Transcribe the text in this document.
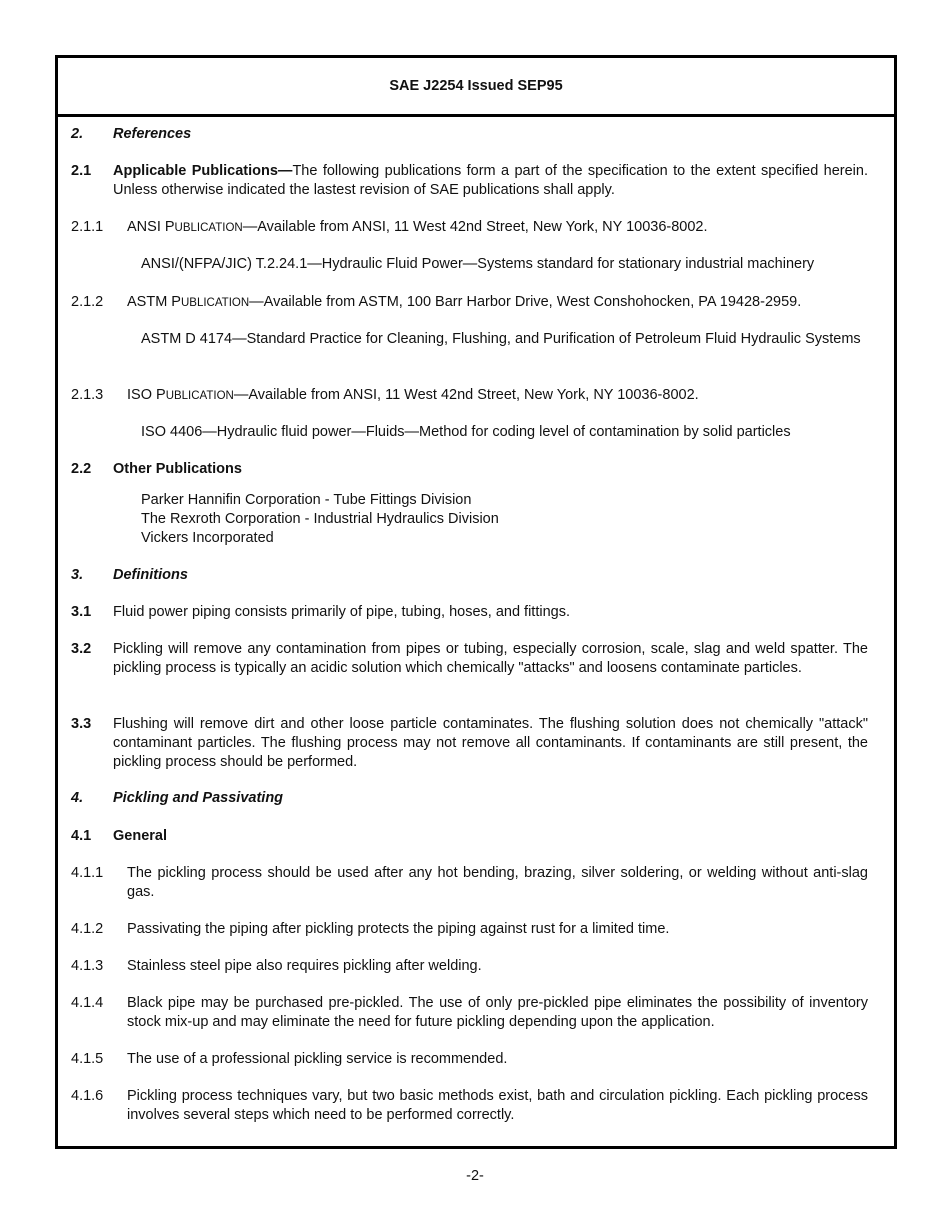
SAE J2254 Issued SEP95
2. References
2.1 Applicable Publications—The following publications form a part of the specification to the extent specified herein. Unless otherwise indicated the lastest revision of SAE publications shall apply.
2.1.1 ANSI PUBLICATION—Available from ANSI, 11 West 42nd Street, New York, NY 10036-8002.
ANSI/(NFPA/JIC) T.2.24.1—Hydraulic Fluid Power—Systems standard for stationary industrial machinery
2.1.2 ASTM PUBLICATION—Available from ASTM, 100 Barr Harbor Drive, West Conshohocken, PA 19428-2959.
ASTM D 4174—Standard Practice for Cleaning, Flushing, and Purification of Petroleum Fluid Hydraulic Systems
2.1.3 ISO PUBLICATION—Available from ANSI, 11 West 42nd Street, New York, NY 10036-8002.
ISO 4406—Hydraulic fluid power—Fluids—Method for coding level of contamination by solid particles
2.2 Other Publications
Parker Hannifin Corporation - Tube Fittings Division
The Rexroth Corporation - Industrial Hydraulics Division
Vickers Incorporated
3. Definitions
3.1 Fluid power piping consists primarily of pipe, tubing, hoses, and fittings.
3.2 Pickling will remove any contamination from pipes or tubing, especially corrosion, scale, slag and weld spatter. The pickling process is typically an acidic solution which chemically "attacks" and loosens contaminate particles.
3.3 Flushing will remove dirt and other loose particle contaminates. The flushing solution does not chemically "attack" contaminant particles. The flushing process may not remove all contaminants. If contaminants are still present, the pickling process should be performed.
4. Pickling and Passivating
4.1 General
4.1.1 The pickling process should be used after any hot bending, brazing, silver soldering, or welding without anti-slag gas.
4.1.2 Passivating the piping after pickling protects the piping against rust for a limited time.
4.1.3 Stainless steel pipe also requires pickling after welding.
4.1.4 Black pipe may be purchased pre-pickled. The use of only pre-pickled pipe eliminates the possibility of inventory stock mix-up and may eliminate the need for future pickling depending upon the application.
4.1.5 The use of a professional pickling service is recommended.
4.1.6 Pickling process techniques vary, but two basic methods exist, bath and circulation pickling. Each pickling process involves several steps which need to be performed correctly.
-2-
